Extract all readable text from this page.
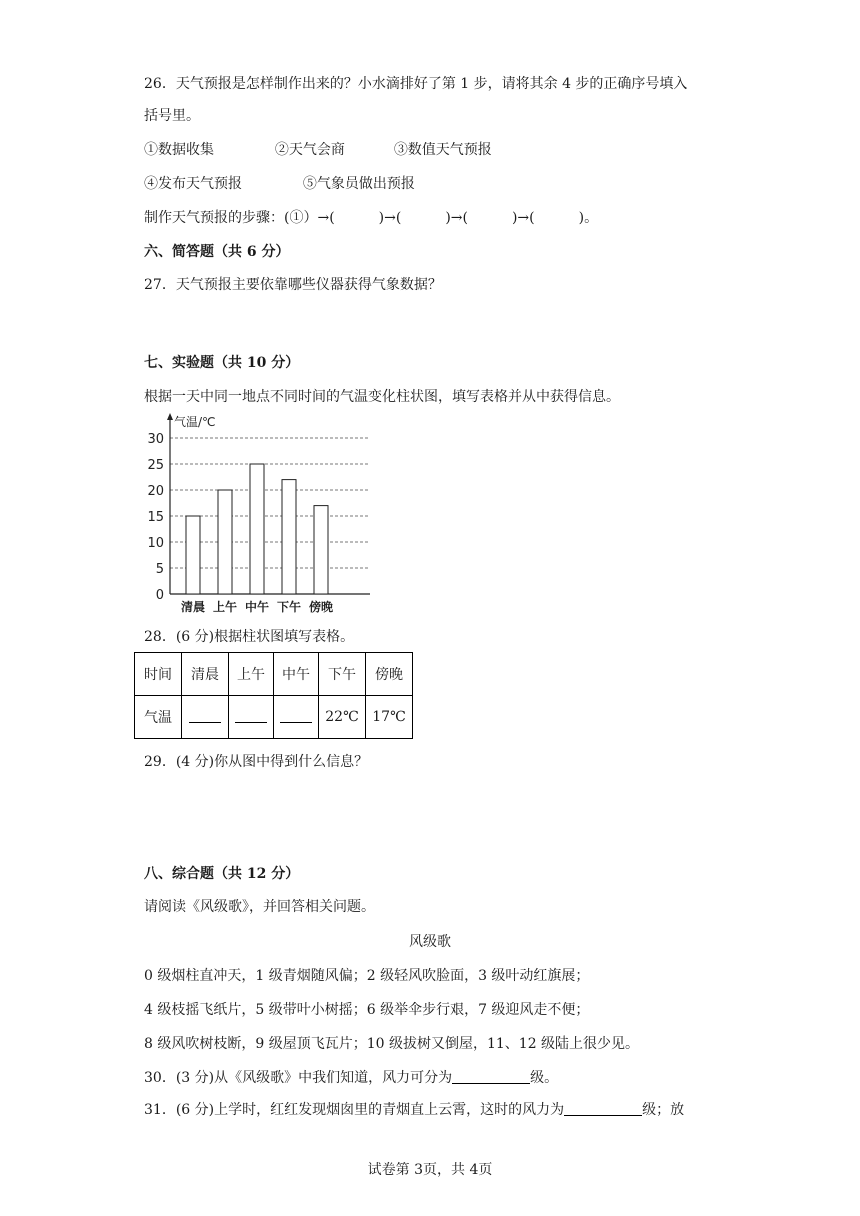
26．天气预报是怎样制作出来的？小水滴排好了第 1 步，请将其余 4 步的正确序号填入
括号里。
①数据收集	②天气会商	③数值天气预报
④发布天气预报	⑤气象员做出预报
制作天气预报的步骤：(①）→(	)→(	)→(	)→(	)。
六、简答题（共 6 分）
27．天气预报主要依靠哪些仪器获得气象数据？
七、实验题（共 10 分）
根据一天中同一地点不同时间的气温变化柱状图，填写表格并从中获得信息。
0
5
10
15
20
25
30
气温/℃
清晨 上午 中午 下午 傍晚
28．(6 分)根据柱状图填写表格。
时间	清晨	上午	中午	下午	傍晚
气温				22℃	17℃
29．(4 分)你从图中得到什么信息？
八、综合题（共 12 分）
请阅读《风级歌》，并回答相关问题。
风级歌
0 级烟柱直冲天，1 级青烟随风偏；2 级轻风吹脸面，3 级叶动红旗展；
4 级枝摇飞纸片，5 级带叶小树摇；6 级举伞步行艰，7 级迎风走不便；
8 级风吹树枝断，9 级屋顶飞瓦片；10 级拔树又倒屋，11、12 级陆上很少见。
30．(3 分)从《风级歌》中我们知道，风力可分为	级。
31．(6 分)上学时，红红发现烟囱里的青烟直上云霄，这时的风力为	级；放
试卷第 3页，共 4页
